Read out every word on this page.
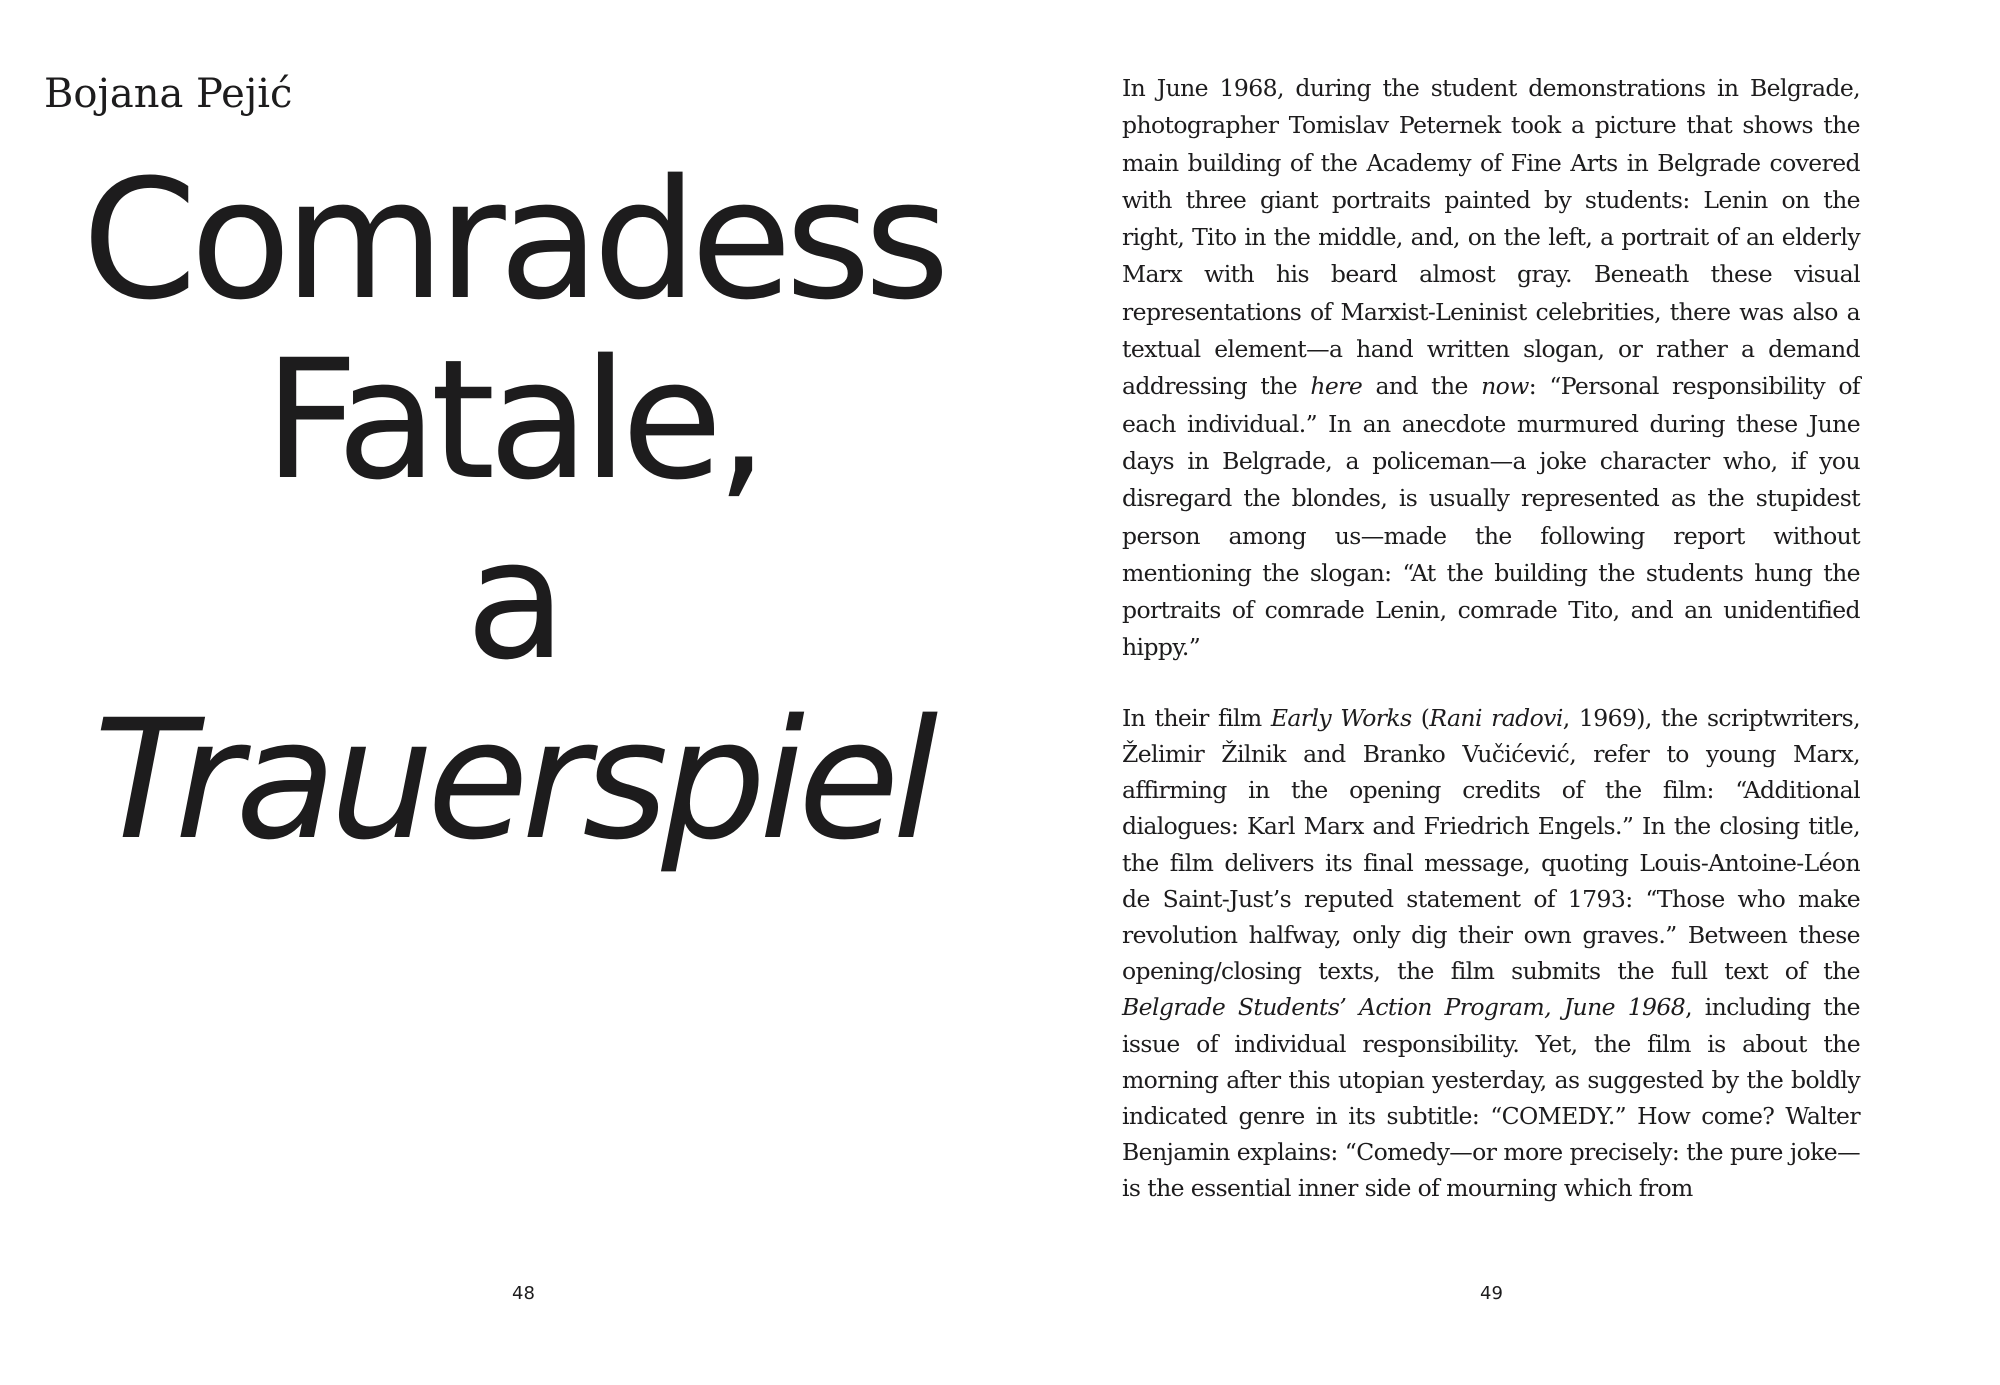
Bojana Pejić
Comradess
Fatale,
a
Trauerspiel
48

In June 1968, during the student demonstrations in Belgrade, photographer Tomislav Peternek took a picture that shows the main building of the Academy of Fine Arts in Belgrade covered with three giant portraits painted by students: Lenin on the right, Tito in the middle, and, on the left, a portrait of an elderly Marx with his beard almost gray. Beneath these visual representations of Marxist-Leninist celebrities, there was also a textual element—a hand written slogan, or rather a demand addressing the here and the now: “Personal responsibility of each individual.” In an anecdote murmured during these June days in Belgrade, a policeman—a joke character who, if you disregard the blondes, is usually represented as the stupidest person among us—made the following report without mentioning the slogan: “At the building the students hung the portraits of comrade Lenin, comrade Tito, and an unidentified hippy.”

In their film Early Works (Rani radovi, 1969), the scriptwriters, Želimir Žilnik and Branko Vučićević, refer to young Marx, affirming in the opening credits of the film: “Additional dialogues: Karl Marx and Friedrich Engels.” In the closing title, the film delivers its final message, quoting Louis-Antoine-Léon de Saint-Just’s reputed statement of 1793: “Those who make revolution halfway, only dig their own graves.” Between these opening/closing texts, the film submits the full text of the Belgrade Students’ Action Program, June 1968, including the issue of individual responsibility. Yet, the film is about the morning after this utopian yesterday, as suggested by the boldly indicated genre in its subtitle: “COMEDY.” How come? Walter Benjamin explains: “Comedy—or more precisely: the pure joke—is the essential inner side of mourning which from

49
